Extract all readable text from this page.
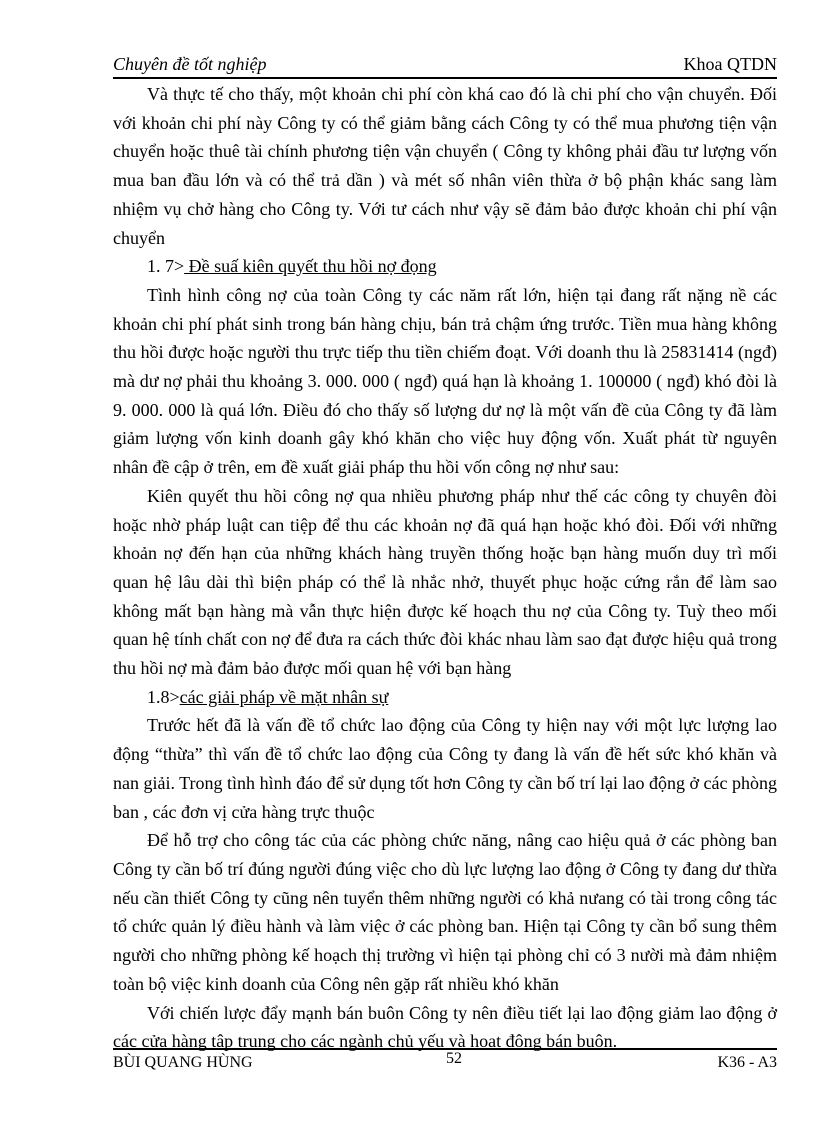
Chuyên đề tốt nghiệp	Khoa QTDN

Và thực tế cho thấy, một khoản chi phí còn khá cao đó là chi phí cho vận chuyển. Đối với khoản chi phí này Công ty có thể giảm bằng cách Công ty có thể mua phương tiện vận chuyển hoặc thuê tài chính phương tiện vận chuyển ( Công ty không phải đầu tư lượng vốn mua ban đầu lớn và có thể trả dần ) và mét số nhân viên thừa ở bộ phận khác sang làm nhiệm vụ chở hàng cho Công ty. Với tư cách như vậy sẽ đảm bảo được khoản chi phí vận chuyển

1. 7> Đề suấ kiên quyết thu hồi nợ đọng

Tình hình công nợ của toàn Công ty các năm rất lớn, hiện tại đang rất nặng nề các khoản chi phí phát sinh trong bán hàng chịu, bán trả chậm ứng trước. Tiền mua hàng không thu hồi được hoặc người thu trực tiếp thu tiền chiếm đoạt. Với doanh thu là 25831414 (ngđ) mà dư nợ phải thu khoảng 3. 000. 000 ( ngđ) quá hạn là khoảng 1. 100000 ( ngđ) khó đòi là 9. 000. 000 là quá lớn. Điều đó cho thấy số lượng dư nợ là một vấn đề của Công ty đã làm giảm lượng vốn kinh doanh gây khó khăn cho việc huy động vốn. Xuất phát từ nguyên nhân đề cập ở trên, em đề xuất giải pháp thu hồi vốn công nợ như sau:

Kiên quyết thu hồi công nợ qua nhiều phương pháp như thế các công ty chuyên đòi hoặc nhờ pháp luật can tiệp để thu các khoản nợ đã quá hạn hoặc khó đòi. Đối với những khoản nợ đến hạn của những khách hàng truyền thống hoặc bạn hàng muốn duy trì mối quan hệ lâu dài thì biện pháp có thể là nhắc nhở, thuyết phục hoặc cứng rắn để làm sao không mất bạn hàng mà vẫn thực hiện được kế hoạch thu nợ của Công ty. Tuỳ theo mối quan hệ tính chất con nợ để đưa ra cách thức đòi khác nhau làm sao đạt được hiệu quả trong thu hồi nợ mà đảm bảo được mối quan hệ với bạn hàng

1.8>các giải pháp về mặt nhân sự

Trước hết đã là vấn đề tổ chức lao động của Công ty hiện nay với một lực lượng lao động “thừa” thì vấn đề tổ chức lao động của Công ty đang là vấn đề hết sức khó khăn và nan giải. Trong tình hình đáo để sử dụng tốt hơn Công ty cần bố trí lại lao động ở các phòng ban , các đơn vị cửa hàng trực thuộc

Để hỗ trợ cho công tác của các phòng chức năng, nâng cao hiệu quả ở các phòng ban Công ty cần bố trí đúng người đúng việc cho dù lực lượng lao động ở Công ty đang dư thừa nếu cần thiết Công ty cũng nên tuyển thêm những người có khả nưang có tài trong công tác tổ chức quản lý điều hành và làm việc ở các phòng ban. Hiện tại Công ty cần bổ sung thêm người cho những phòng kế hoạch thị trường vì hiện tại phòng chỉ có 3 nười mà đảm nhiệm toàn bộ việc kinh doanh của Công nên gặp rất nhiều khó khăn

Với chiến lược đẩy mạnh bán buôn Công ty nên điều tiết lại lao động giảm lao động ở các cửa hàng tập trung cho các ngành chủ yếu và hoạt động bán buôn.

BÙI QUANG HÙNG	52	K36 - A3
